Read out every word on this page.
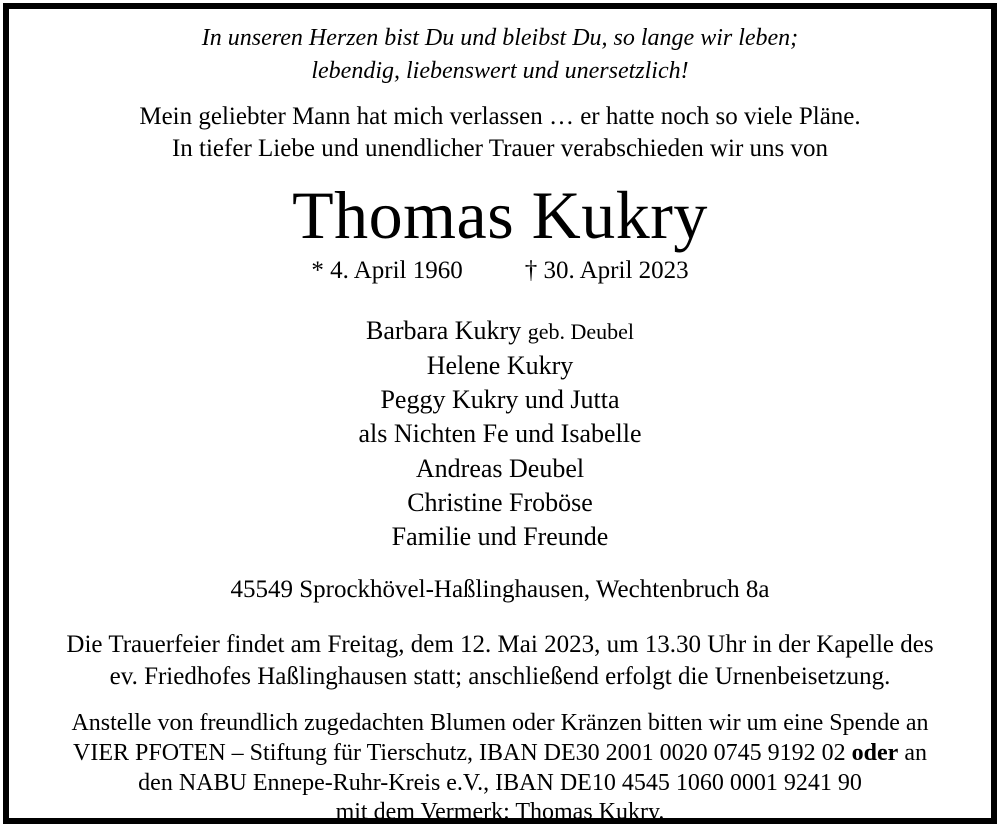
In unseren Herzen bist Du und bleibst Du, so lange wir leben;
lebendig, liebenswert und unersetzlich!
Mein geliebter Mann hat mich verlassen … er hatte noch so viele Pläne.
In tiefer Liebe und unendlicher Trauer verabschieden wir uns von
Thomas Kukry
* 4. April 1960 † 30. April 2023
Barbara Kukry geb. Deubel
Helene Kukry
Peggy Kukry und Jutta
als Nichten Fe und Isabelle
Andreas Deubel
Christine Froböse
Familie und Freunde
45549 Sprockhövel-Haßlinghausen, Wechtenbruch 8a
Die Trauerfeier findet am Freitag, dem 12. Mai 2023, um 13.30 Uhr in der Kapelle des
ev. Friedhofes Haßlinghausen statt; anschließend erfolgt die Urnenbeisetzung.
Anstelle von freundlich zugedachten Blumen oder Kränzen bitten wir um eine Spende an
VIER PFOTEN – Stiftung für Tierschutz, IBAN DE30 2001 0020 0745 9192 02 oder an
den NABU Ennepe-Ruhr-Kreis e.V., IBAN DE10 4545 1060 0001 9241 90
mit dem Vermerk: Thomas Kukry.
